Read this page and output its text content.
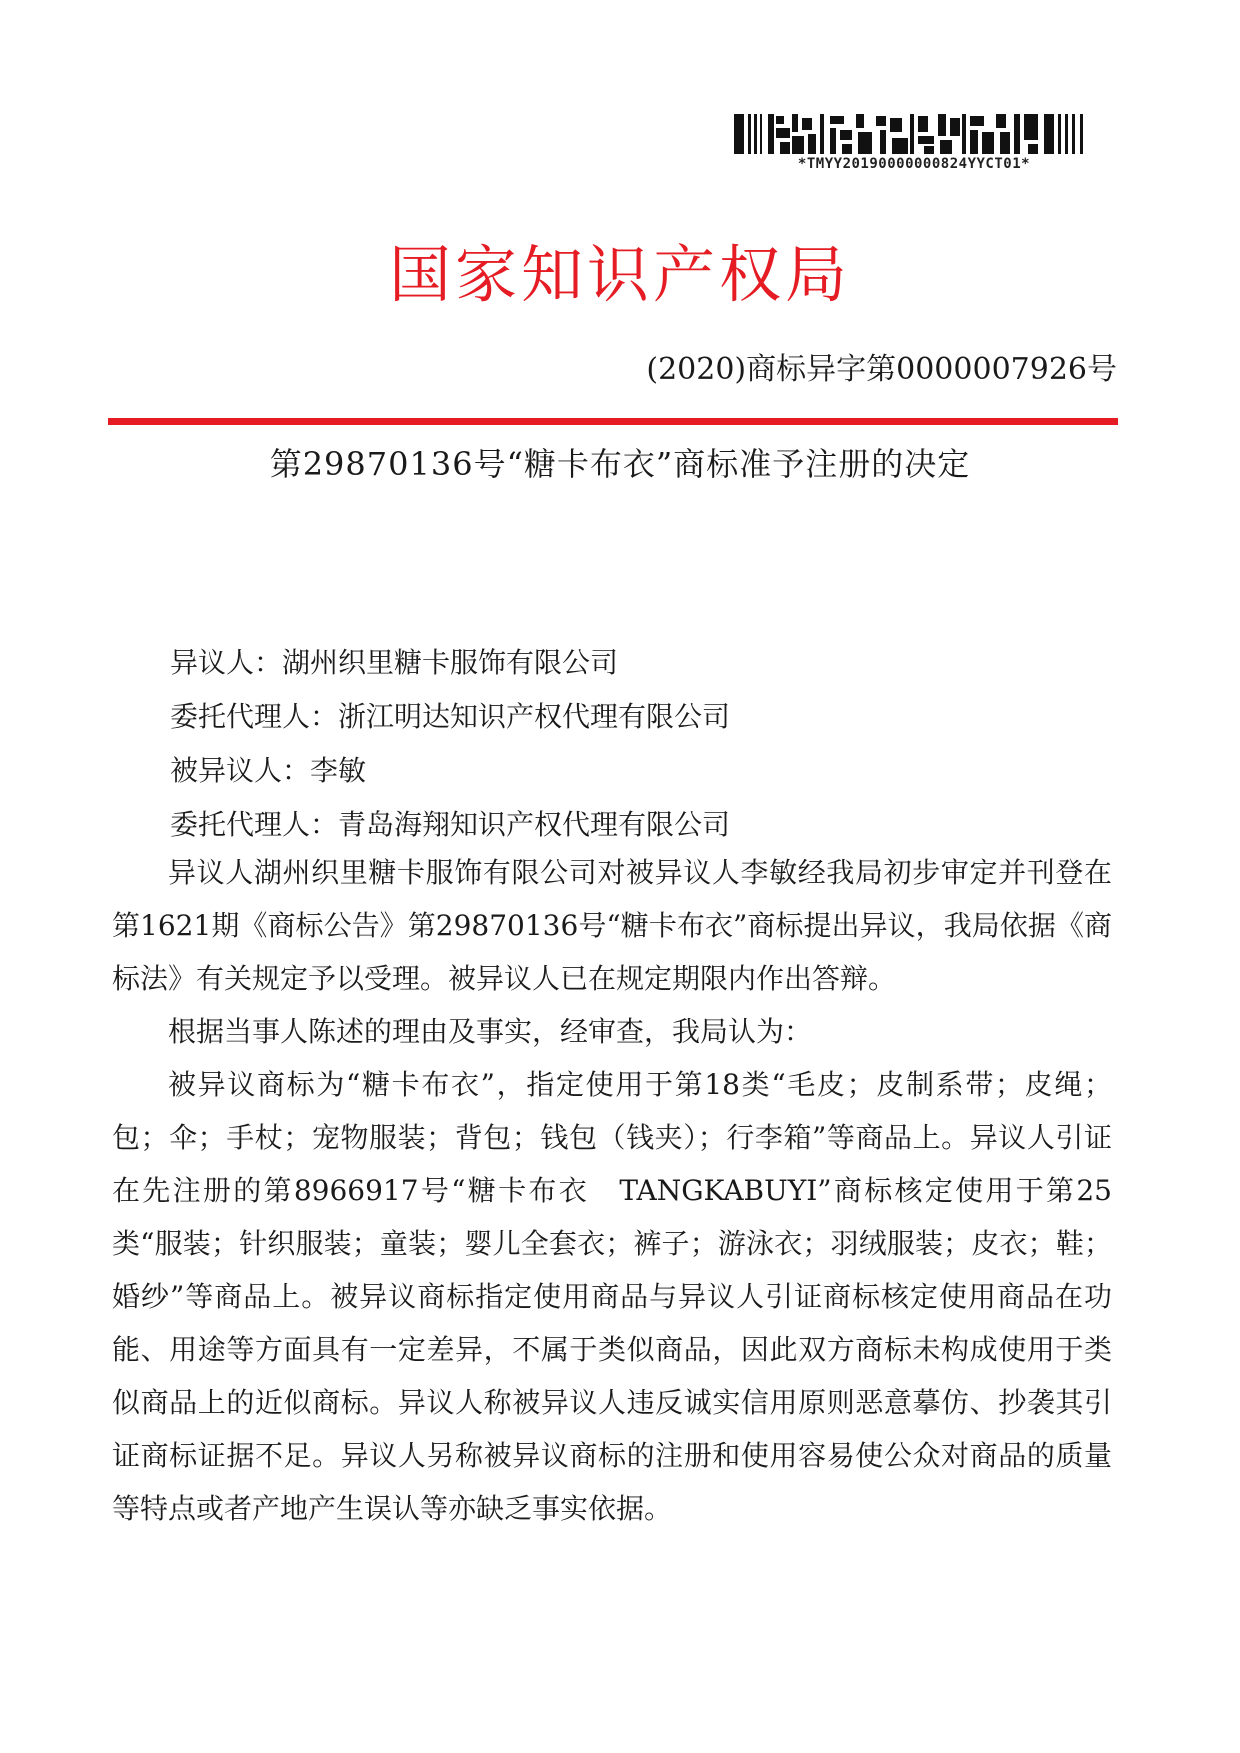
*TMYY20190000000824YYCT01*
国家知识产权局
(2020)商标异字第0000007926号
第29870136号“糖卡布衣”商标准予注册的决定
异议人：湖州织里糖卡服饰有限公司
委托代理人：浙江明达知识产权代理有限公司
被异议人：李敏
委托代理人：青岛海翔知识产权代理有限公司

异议人湖州织里糖卡服饰有限公司对被异议人李敏经我局初步审定并刊登在第1621期《商标公告》第29870136号“糖卡布衣”商标提出异议，我局依据《商标法》有关规定予以受理。被异议人已在规定期限内作出答辩。

根据当事人陈述的理由及事实，经审查，我局认为：

被异议商标为“糖卡布衣”，指定使用于第18类“毛皮；皮制系带；皮绳；包；伞；手杖；宠物服装；背包；钱包（钱夹）；行李箱”等商品上。异议人引证在先注册的第8966917号“糖卡布衣　TANGKABUYI”商标核定使用于第25类“服装；针织服装；童装；婴儿全套衣；裤子；游泳衣；羽绒服装；皮衣；鞋；婚纱”等商品上。被异议商标指定使用商品与异议人引证商标核定使用商品在功能、用途等方面具有一定差异，不属于类似商品，因此双方商标未构成使用于类似商品上的近似商标。异议人称被异议人违反诚实信用原则恶意摹仿、抄袭其引证商标证据不足。异议人另称被异议商标的注册和使用容易使公众对商品的质量等特点或者产地产生误认等亦缺乏事实依据。
